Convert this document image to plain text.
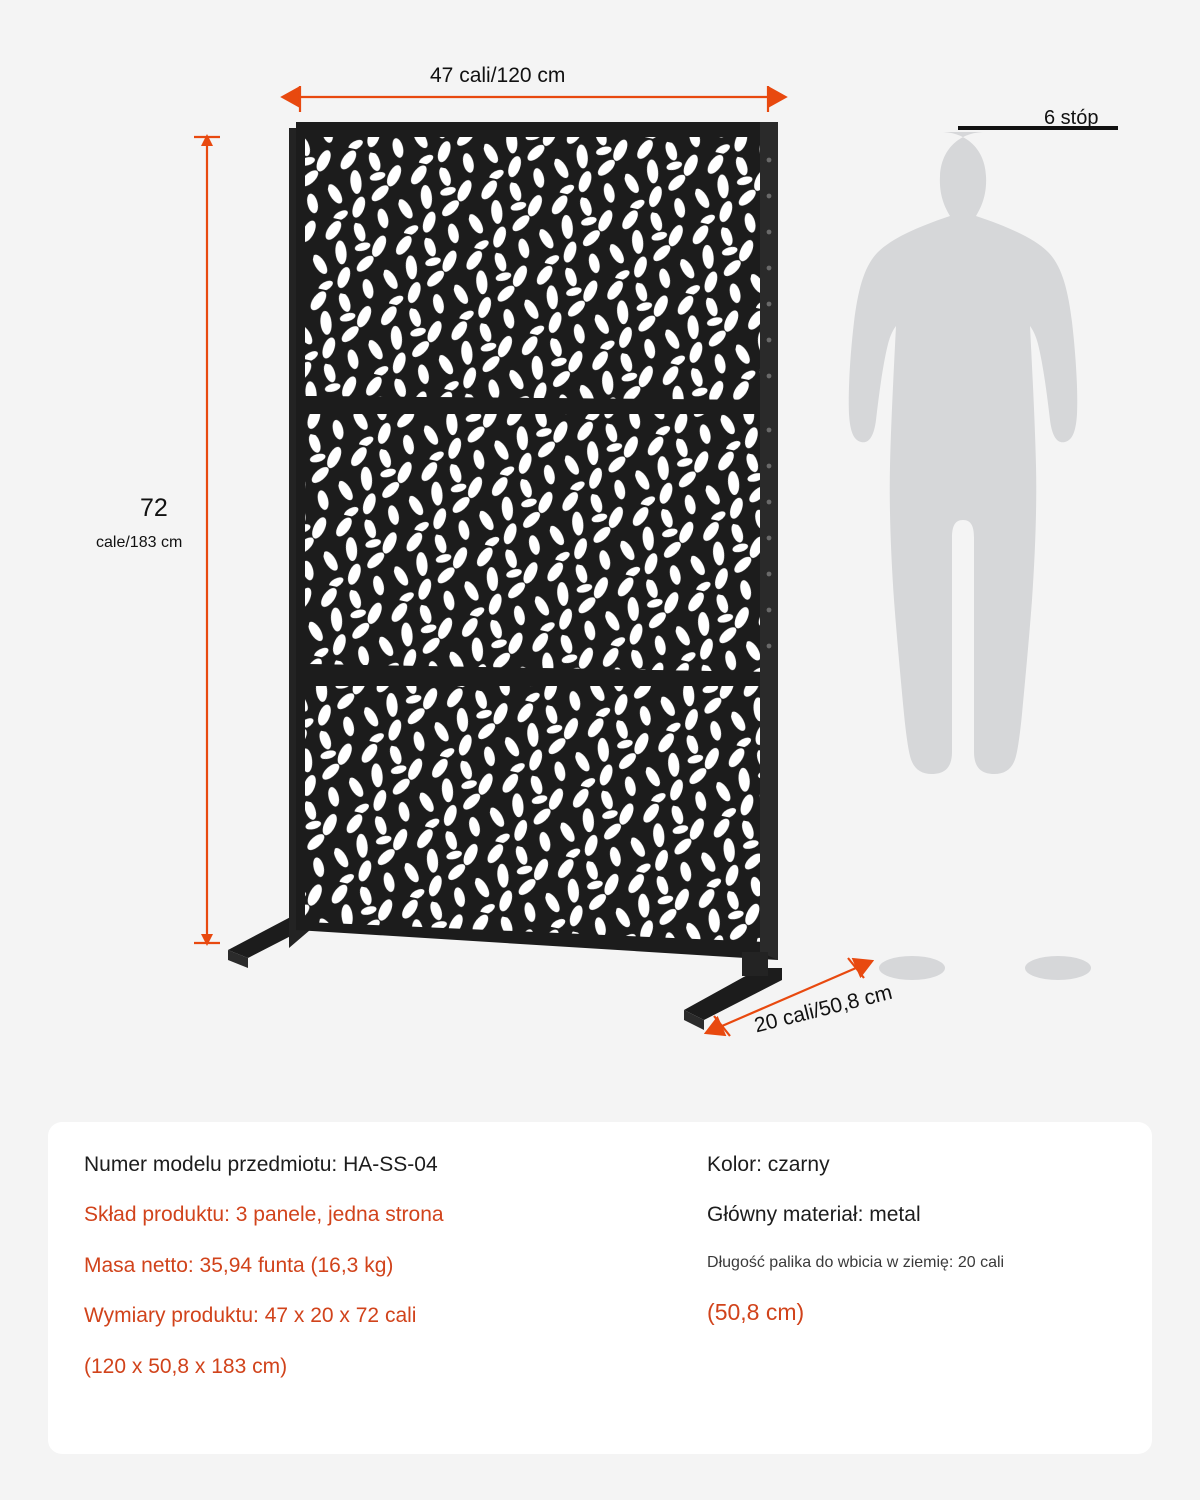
47 cali/120 cm
72
cale/183 cm
20 cali/50,8 cm
6 stóp
Numer modelu przedmiotu: HA-SS-04
Skład produktu: 3 panele, jedna strona
Masa netto: 35,94 funta (16,3 kg)
Wymiary produktu: 47 x 20 x 72 cali
(120 x 50,8 x 183 cm)
Kolor: czarny
Główny materiał: metal
Długość palika do wbicia w ziemię: 20 cali
(50,8 cm)
